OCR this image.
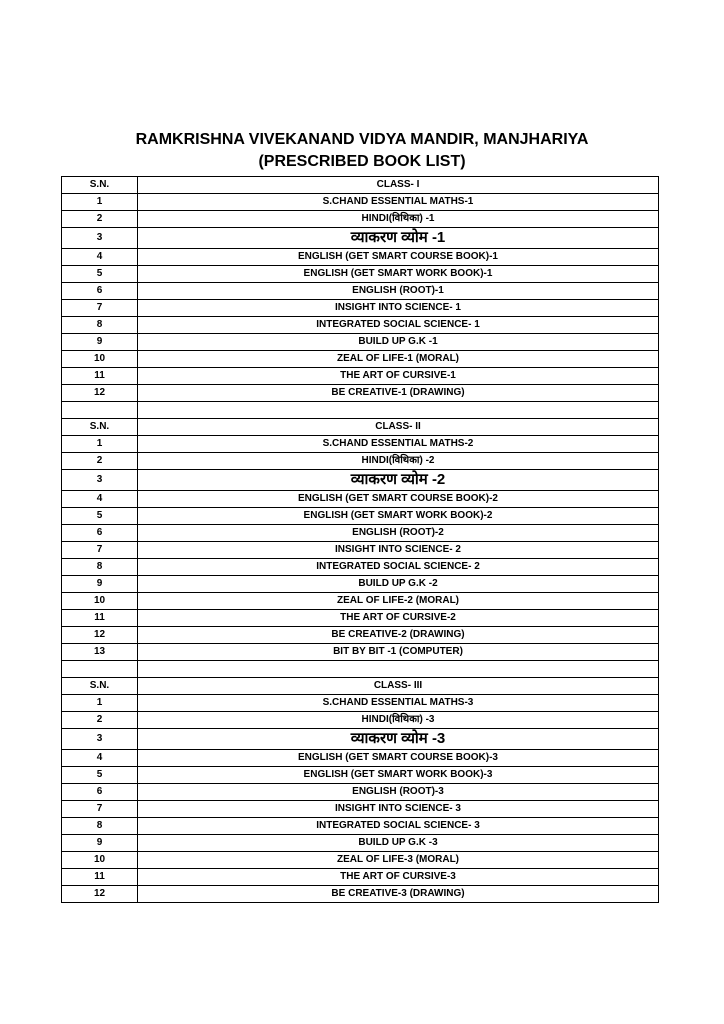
RAMKRISHNA VIVEKANAND VIDYA MANDIR, MANJHARIYA
(PRESCRIBED BOOK LIST)
S.N.	CLASS- I
1	S.CHAND ESSENTIAL MATHS-1
2	HINDI(विथिका) -1
3	व्याकरण व्योम -1
4	ENGLISH (GET SMART COURSE BOOK)-1
5	ENGLISH (GET SMART WORK BOOK)-1
6	ENGLISH (ROOT)-1
7	INSIGHT INTO SCIENCE- 1
8	INTEGRATED SOCIAL SCIENCE- 1
9	BUILD UP G.K -1
10	ZEAL OF LIFE-1 (MORAL)
11	THE ART OF CURSIVE-1
12	BE CREATIVE-1 (DRAWING)

S.N.	CLASS- II
1	S.CHAND ESSENTIAL MATHS-2
2	HINDI(विथिका) -2
3	व्याकरण व्योम -2
4	ENGLISH (GET SMART COURSE BOOK)-2
5	ENGLISH (GET SMART WORK BOOK)-2
6	ENGLISH (ROOT)-2
7	INSIGHT INTO SCIENCE- 2
8	INTEGRATED SOCIAL SCIENCE- 2
9	BUILD UP G.K -2
10	ZEAL OF LIFE-2 (MORAL)
11	THE ART OF CURSIVE-2
12	BE CREATIVE-2 (DRAWING)
13	BIT BY BIT -1 (COMPUTER)

S.N.	CLASS- III
1	S.CHAND ESSENTIAL MATHS-3
2	HINDI(विथिका) -3
3	व्याकरण व्योम -3
4	ENGLISH (GET SMART COURSE BOOK)-3
5	ENGLISH (GET SMART WORK BOOK)-3
6	ENGLISH (ROOT)-3
7	INSIGHT INTO SCIENCE- 3
8	INTEGRATED SOCIAL SCIENCE- 3
9	BUILD UP G.K -3
10	ZEAL OF LIFE-3 (MORAL)
11	THE ART OF CURSIVE-3
12	BE CREATIVE-3 (DRAWING)
